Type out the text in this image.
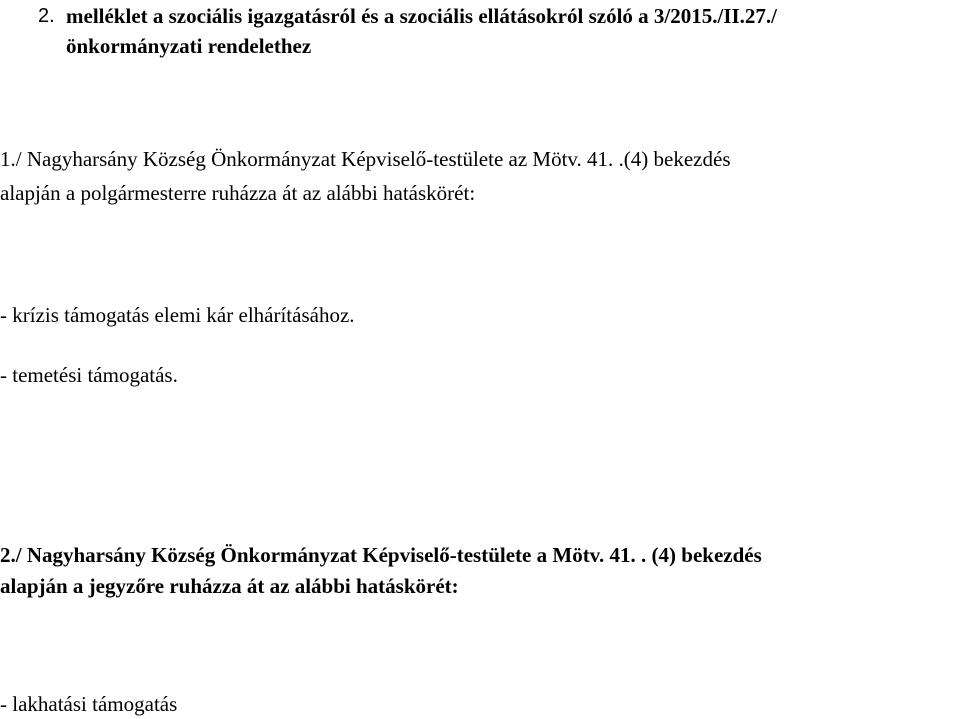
2. melléklet a szociális igazgatásról és a szociális ellátásokról szóló a 3/2015./II.27./
önkormányzati rendelethez
1./ Nagyharsány Község Önkormányzat Képviselő-testülete az Mötv. 41. .(4) bekezdés
alapján a polgármesterre ruházza át az alábbi hatáskörét:
- krízis támogatás elemi kár elhárításához.
- temetési támogatás.
2./ Nagyharsány Község Önkormányzat Képviselő-testülete a Mötv. 41. . (4) bekezdés
alapján a jegyzőre ruházza át az alábbi hatáskörét:
- lakhatási támogatás
